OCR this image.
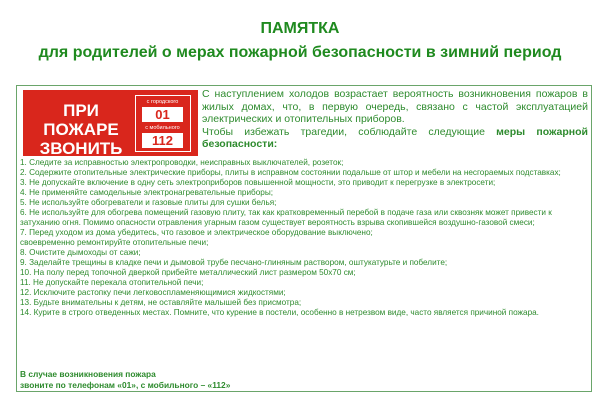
ПАМЯТКА
для родителей о мерах пожарной безопасности в зимний период
ПРИ ПОЖАРЕ ЗВОНИТЬ
с городского
01
с мобильного
112

С наступлением холодов возрастает вероятность возникновения пожаров в жилых домах, что, в первую очередь, связано с частой эксплуатацией электрических и отопительных приборов.

Чтобы избежать трагедии, соблюдайте следующие меры пожарной безопасности:

1. Следите за исправностью электропроводки, неисправных выключателей, розеток;
2. Содержите отопительные электрические приборы, плиты в исправном состоянии подальше от штор и мебели на несгораемых подставках;
3. Не допускайте включение в одну сеть электроприборов повышенной мощности, это приводит к перегрузке в электросети;
4. Не применяйте самодельные электронагревательные приборы;
5. Не используйте обогреватели и газовые плиты для сушки белья;
6. Не используйте для обогрева помещений газовую плиту, так как кратковременный перебой в подаче газа или сквозняк может привести к затуханию огня. Помимо опасности отравления угарным газом существует вероятность взрыва скопившейся воздушно-газовой смеси;
7. Перед уходом из дома убедитесь, что газовое и электрическое оборудование выключено;
своевременно ремонтируйте отопительные печи;
8. Очистите дымоходы от сажи;
9. Заделайте трещины в кладке печи и дымовой трубе песчано-глиняным раствором, оштукатурьте и побелите;
10. На полу перед топочной дверкой прибейте металлический лист размером 50х70 см;
11. Не допускайте перекала отопительной печи;
12. Исключите растопку печи легковоспламеняющимися жидкостями;
13. Будьте внимательны к детям, не оставляйте малышей без присмотра;
14. Курите в строго отведенных местах. Помните, что курение в постели, особенно в нетрезвом виде, часто является причиной пожара.
В случае возникновения пожара
звоните по телефонам «01», с мобильного – «112»
